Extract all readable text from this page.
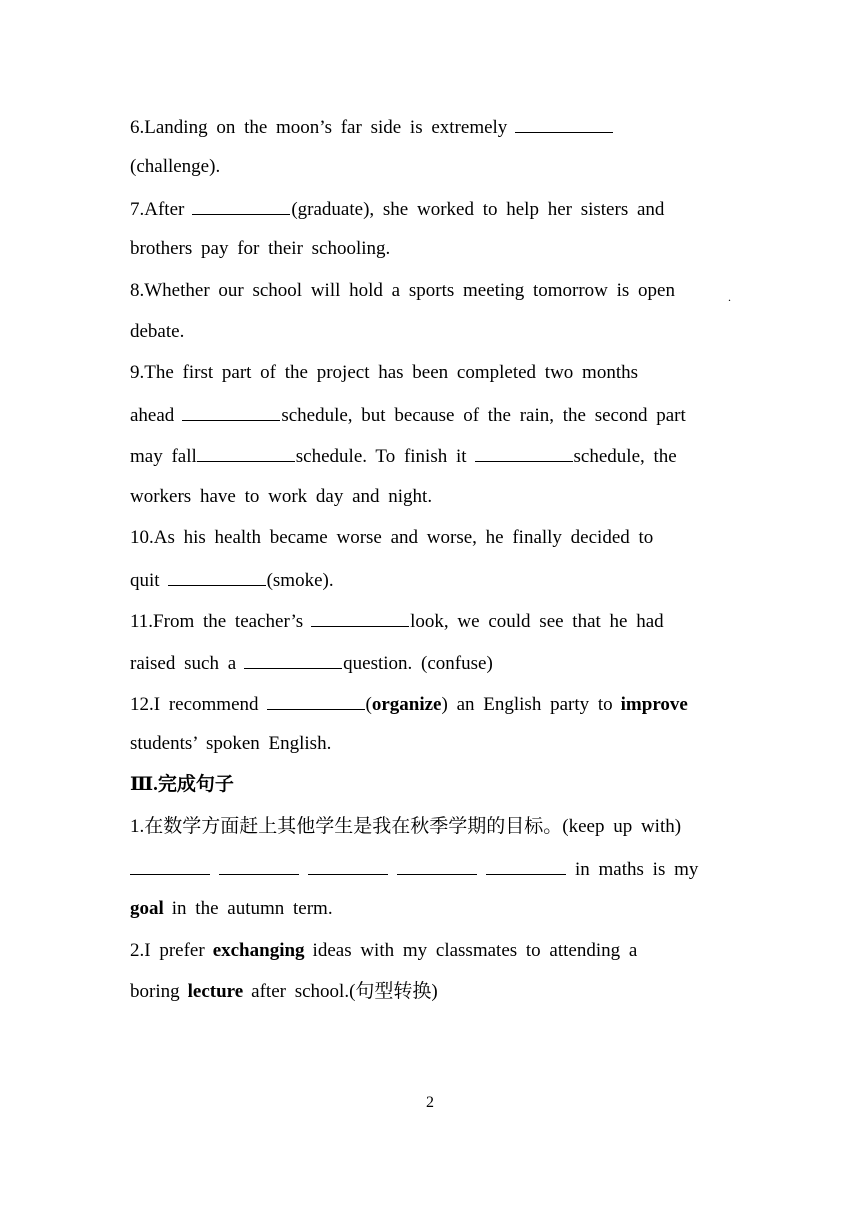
6.Landing on the moon’s far side is extremely
(challenge).
7.After	(graduate), she worked to help her sisters and
brothers pay for their schooling.
8.Whether our school will hold a sports meeting tomorrow is open	.
debate.
9.The first part of the project has been completed two months
ahead	schedule, but because of the rain, the second part
may fall	schedule. To finish it	schedule, the
workers have to work day and night.
10.As his health became worse and worse, he finally decided to
quit	(smoke).
11.From the teacher’s	look, we could see that he had
raised such a	question. (confuse)
12.I recommend	(organize) an English party to improve
students’ spoken English.
Ⅲ.完成句子
1.在数学方面赶上其他学生是我在秋季学期的目标。(keep up with)
in maths is my
goal in the autumn term.
2.I prefer exchanging ideas with my classmates to attending a
boring lecture after school.(句型转换)
2
